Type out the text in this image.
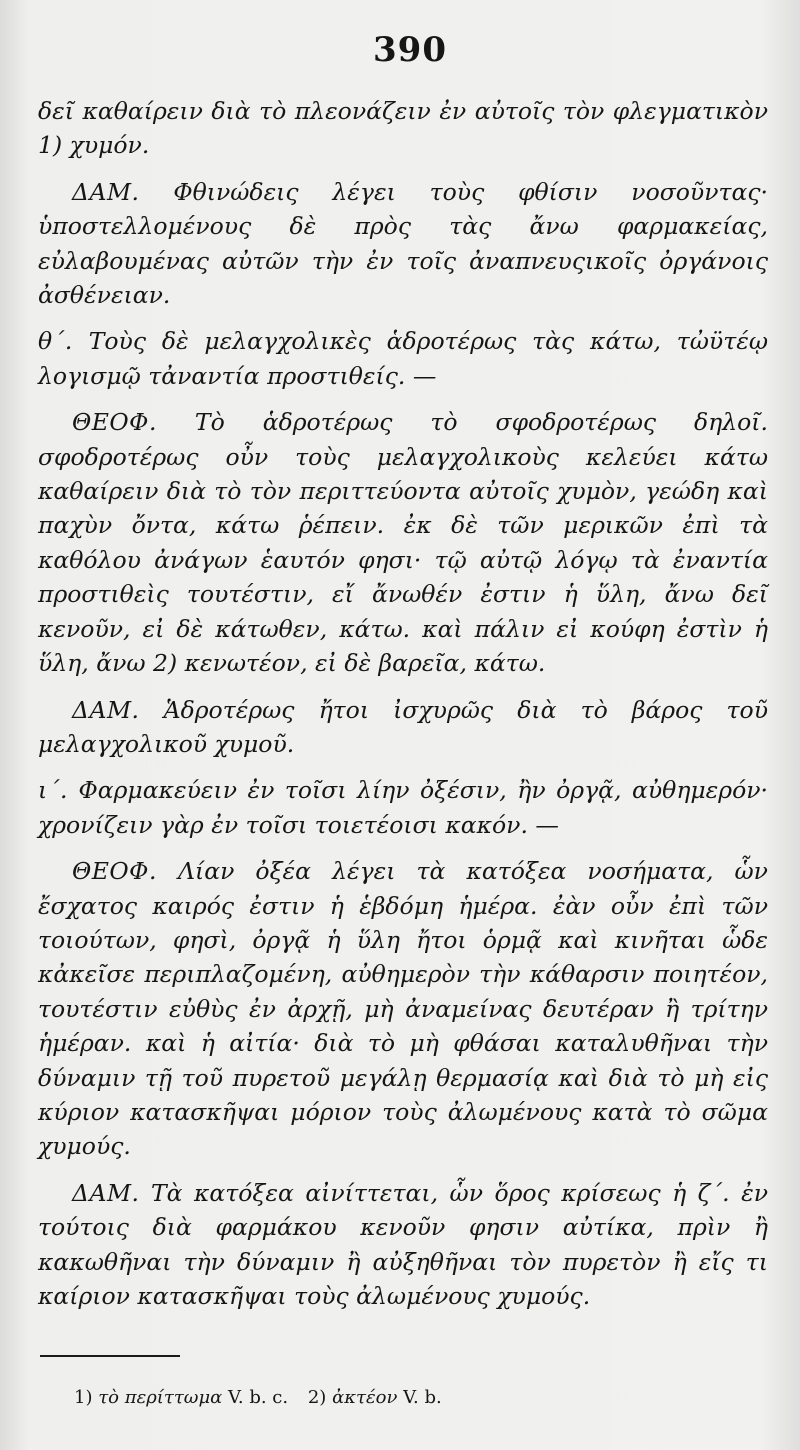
390

δεῖ καθαίρειν διὰ τὸ πλεονάζειν ἐν αὐτοῖς τὸν φλεγματικὸν 1) χυμόν.

ΔΑΜ. Φθινώδεις λέγει τοὺς φθίσιν νοσοῦντας· ὑποστελλομένους δὲ πρὸς τὰς ἄνω φαρμακείας, εὐλαβουμένας αὐτῶν τὴν ἐν τοῖς ἀναπνευςικοῖς ὀργάνοις ἀσθένειαν.

θ΄. Τοὺς δὲ μελαγχολικὲς ἁδροτέρως τὰς κάτω, τὠϋτέῳ λογισμῷ τἀναντία προστιθείς. —

ΘΕΟΦ. Τὸ ἁδροτέρως τὸ σφοδροτέρως δηλοῖ. σφοδροτέρως οὖν τοὺς μελαγχολικοὺς κελεύει κάτω καθαίρειν διὰ τὸ τὸν περιττεύοντα αὐτοῖς χυμὸν, γεώδη καὶ παχὺν ὄντα, κάτω ῥέπειν. ἐκ δὲ τῶν μερικῶν ἐπὶ τὰ καθόλου ἀνάγων ἑαυτόν φησι· τῷ αὐτῷ λόγῳ τὰ ἐναντία προστιθεὶς τουτέστιν, εἴ ἄνωθέν ἐστιν ἡ ὕλη, ἄνω δεῖ κενοῦν, εἰ δὲ κάτωθεν, κάτω. καὶ πάλιν εἰ κούφη ἐστὶν ἡ ὕλη, ἄνω 2) κενωτέον, εἰ δὲ βαρεῖα, κάτω.

ΔΑΜ. Ἁδροτέρως ἤτοι ἰσχυρῶς διὰ τὸ βάρος τοῦ μελαγχολικοῦ χυμοῦ.

ι΄. Φαρμακεύειν ἐν τοῖσι λίην ὀξέσιν, ἢν ὀργᾷ, αὐθημερόν· χρονίζειν γὰρ ἐν τοῖσι τοιετέοισι κακόν. —

ΘΕΟΦ. Λίαν ὀξέα λέγει τὰ κατόξεα νοσήματα, ὧν ἔσχατος καιρός ἐστιν ἡ ἑβδόμη ἡμέρα. ἐὰν οὖν ἐπὶ τῶν τοιούτων, φησὶ, ὀργᾷ ἡ ὕλη ἤτοι ὁρμᾷ καὶ κινῆται ὧδε κἀκεῖσε περιπλαζομένη, αὐθημερὸν τὴν κάθαρσιν ποιητέον, τουτέστιν εὐθὺς ἐν ἀρχῇ, μὴ ἀναμείνας δευτέραν ἢ τρίτην ἡμέραν. καὶ ἡ αἰτία· διὰ τὸ μὴ φθάσαι καταλυθῆναι τὴν δύναμιν τῇ τοῦ πυρετοῦ μεγάλῃ θερμασίᾳ καὶ διὰ τὸ μὴ εἰς κύριον κατασκῆψαι μόριον τοὺς ἀλωμένους κατὰ τὸ σῶμα χυμούς.

ΔΑΜ. Τὰ κατόξεα αἰνίττεται, ὧν ὅρος κρίσεως ἡ ζ΄. ἐν τούτοις διὰ φαρμάκου κενοῦν φησιν αὐτίκα, πρὶν ἢ κακωθῆναι τὴν δύναμιν ἢ αὐξηθῆναι τὸν πυρετὸν ἢ εἴς τι καίριον κατασκῆψαι τοὺς ἀλωμένους χυμούς.

1) τὸ περίττωμα V. b. c. 2) ἀκτέον V. b.
